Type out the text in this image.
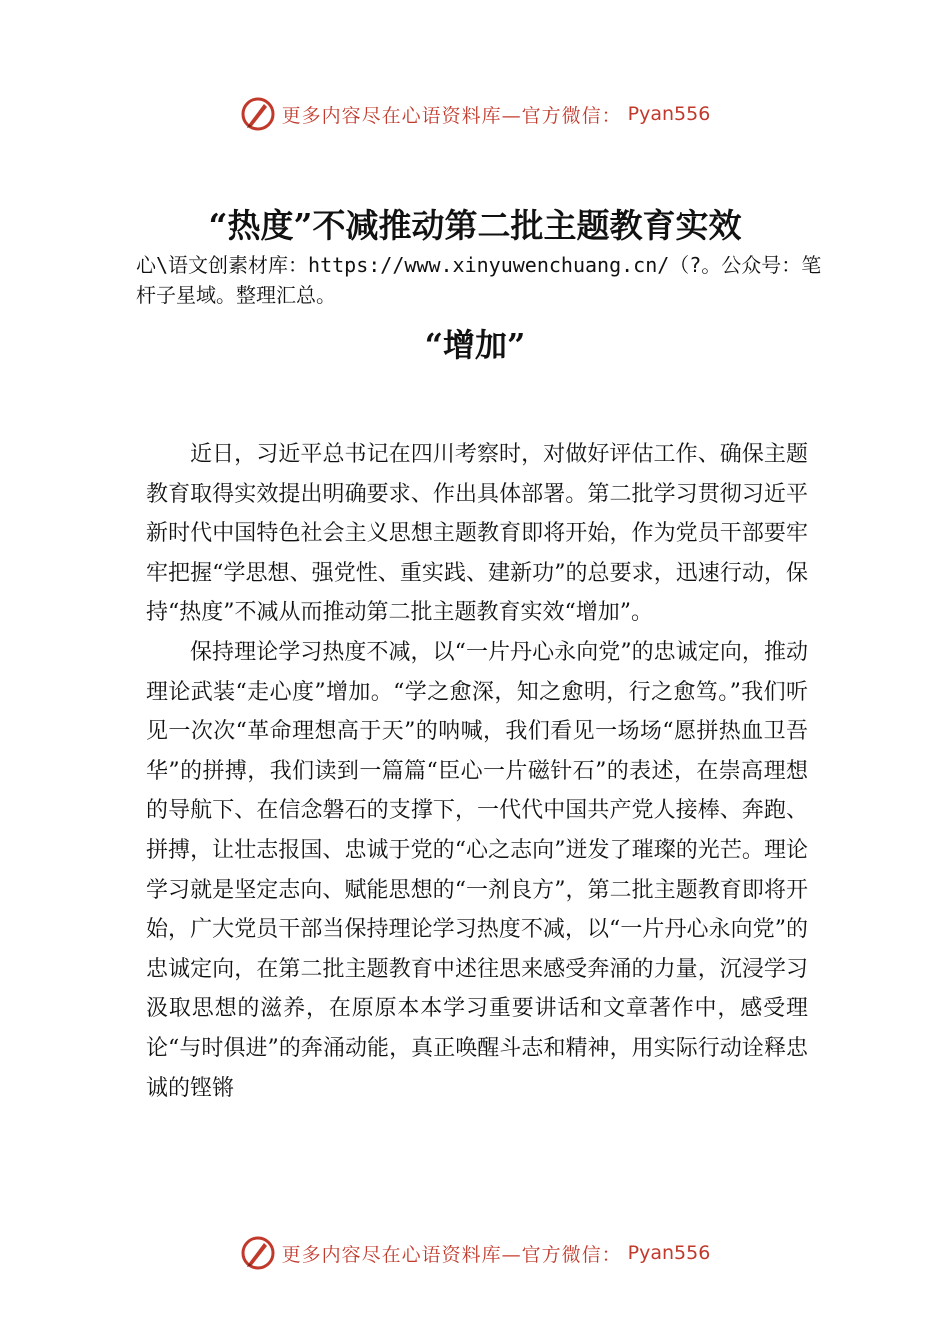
更多内容尽在心语资料库—官方微信： Pyan556
“热度”不减推动第二批主题教育实效

心\语文创素材库：https://www.xinyuwenchuang.cn/（?。公众号：笔杆子星域。整理汇总。

“增加”

近日，习近平总书记在四川考察时，对做好评估工作、确保主题教育取得实效提出明确要求、作出具体部署。第二批学习贯彻习近平新时代中国特色社会主义思想主题教育即将开始，作为党员干部要牢牢把握“学思想、强党性、重实践、建新功”的总要求，迅速行动，保持“热度”不减从而推动第二批主题教育实效“增加”。

保持理论学习热度不减，以“一片丹心永向党”的忠诚定向，推动理论武装“走心度”增加。“学之愈深，知之愈明，行之愈笃。”我们听见一次次“革命理想高于天”的呐喊，我们看见一场场“愿拼热血卫吾华”的拼搏，我们读到一篇篇“臣心一片磁针石”的表述，在崇高理想的导航下、在信念磐石的支撑下，一代代中国共产党人接棒、奔跑、拼搏，让壮志报国、忠诚于党的“心之志向”迸发了璀璨的光芒。理论学习就是坚定志向、赋能思想的“一剂良方”，第二批主题教育即将开始，广大党员干部当保持理论学习热度不减，以“一片丹心永向党”的忠诚定向，在第二批主题教育中述往思来感受奔涌的力量，沉浸学习汲取思想的滋养，在原原本本学习重要讲话和文章著作中，感受理论“与时俱进”的奔涌动能，真正唤醒斗志和精神，用实际行动诠释忠诚的铿锵

更多内容尽在心语资料库—官方微信： Pyan556
